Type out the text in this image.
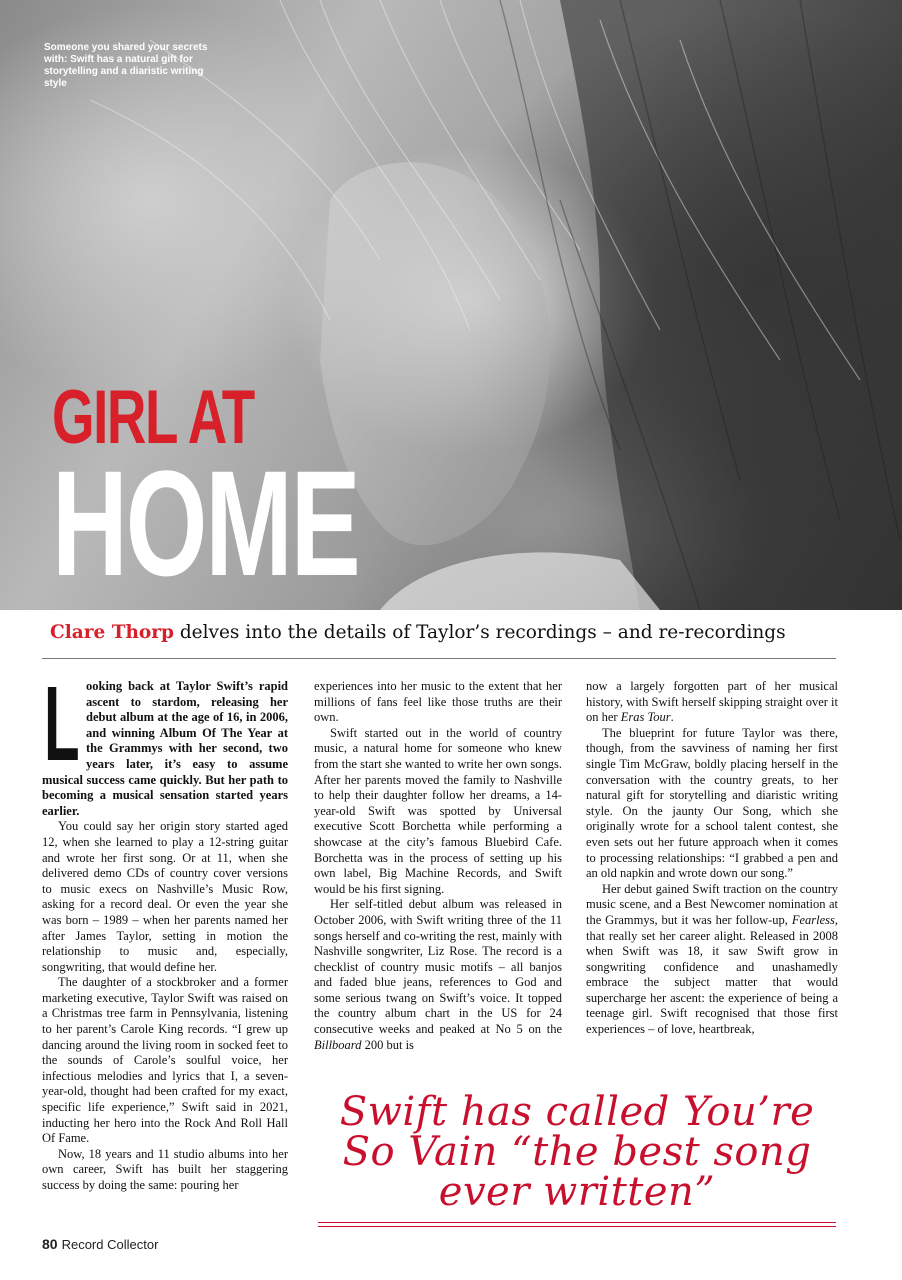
Someone you shared your secrets with: Swift has a natural gift for storytelling and a diaristic writing style

GIRL AT
HOME

Clare Thorp delves into the details of Taylor’s recordings – and re-recordings

Looking back at Taylor Swift’s rapid ascent to stardom, releasing her debut album at the age of 16, in 2006, and winning Album Of The Year at the Grammys with her second, two years later, it’s easy to assume musical success came quickly. But her path to becoming a musical sensation started years earlier.

You could say her origin story started aged 12, when she learned to play a 12-string guitar and wrote her first song. Or at 11, when she delivered demo CDs of country cover versions to music execs on Nashville’s Music Row, asking for a record deal. Or even the year she was born – 1989 – when her parents named her after James Taylor, setting in motion the relationship to music and, especially, songwriting, that would define her.

The daughter of a stockbroker and a former marketing executive, Taylor Swift was raised on a Christmas tree farm in Pennsylvania, listening to her parent’s Carole King records. “I grew up dancing around the living room in socked feet to the sounds of Carole’s soulful voice, her infectious melodies and lyrics that I, a seven-year-old, thought had been crafted for my exact, specific life experience,” Swift said in 2021, inducting her hero into the Rock And Roll Hall Of Fame.

Now, 18 years and 11 studio albums into her own career, Swift has built her staggering success by doing the same: pouring her

experiences into her music to the extent that her millions of fans feel like those truths are their own.

Swift started out in the world of country music, a natural home for someone who knew from the start she wanted to write her own songs. After her parents moved the family to Nashville to help their daughter follow her dreams, a 14-year-old Swift was spotted by Universal executive Scott Borchetta while performing a showcase at the city’s famous Bluebird Cafe. Borchetta was in the process of setting up his own label, Big Machine Records, and Swift would be his first signing.

Her self-titled debut album was released in October 2006, with Swift writing three of the 11 songs herself and co-writing the rest, mainly with Nashville songwriter, Liz Rose. The record is a checklist of country music motifs – all banjos and faded blue jeans, references to God and some serious twang on Swift’s voice. It topped the country album chart in the US for 24 consecutive weeks and peaked at No 5 on the Billboard 200 but is

now a largely forgotten part of her musical history, with Swift herself skipping straight over it on her Eras Tour.

The blueprint for future Taylor was there, though, from the savviness of naming her first single Tim McGraw, boldly placing herself in the conversation with the country greats, to her natural gift for storytelling and diaristic writing style. On the jaunty Our Song, which she originally wrote for a school talent contest, she even sets out her future approach when it comes to processing relationships: “I grabbed a pen and an old napkin and wrote down our song.”

Her debut gained Swift traction on the country music scene, and a Best Newcomer nomination at the Grammys, but it was her follow-up, Fearless, that really set her career alight. Released in 2008 when Swift was 18, it saw Swift grow in songwriting confidence and unashamedly embrace the subject matter that would supercharge her ascent: the experience of being a teenage girl. Swift recognised that those first experiences – of love, heartbreak,

Swift has called You’re So Vain “the best song ever written”

80 Record Collector
